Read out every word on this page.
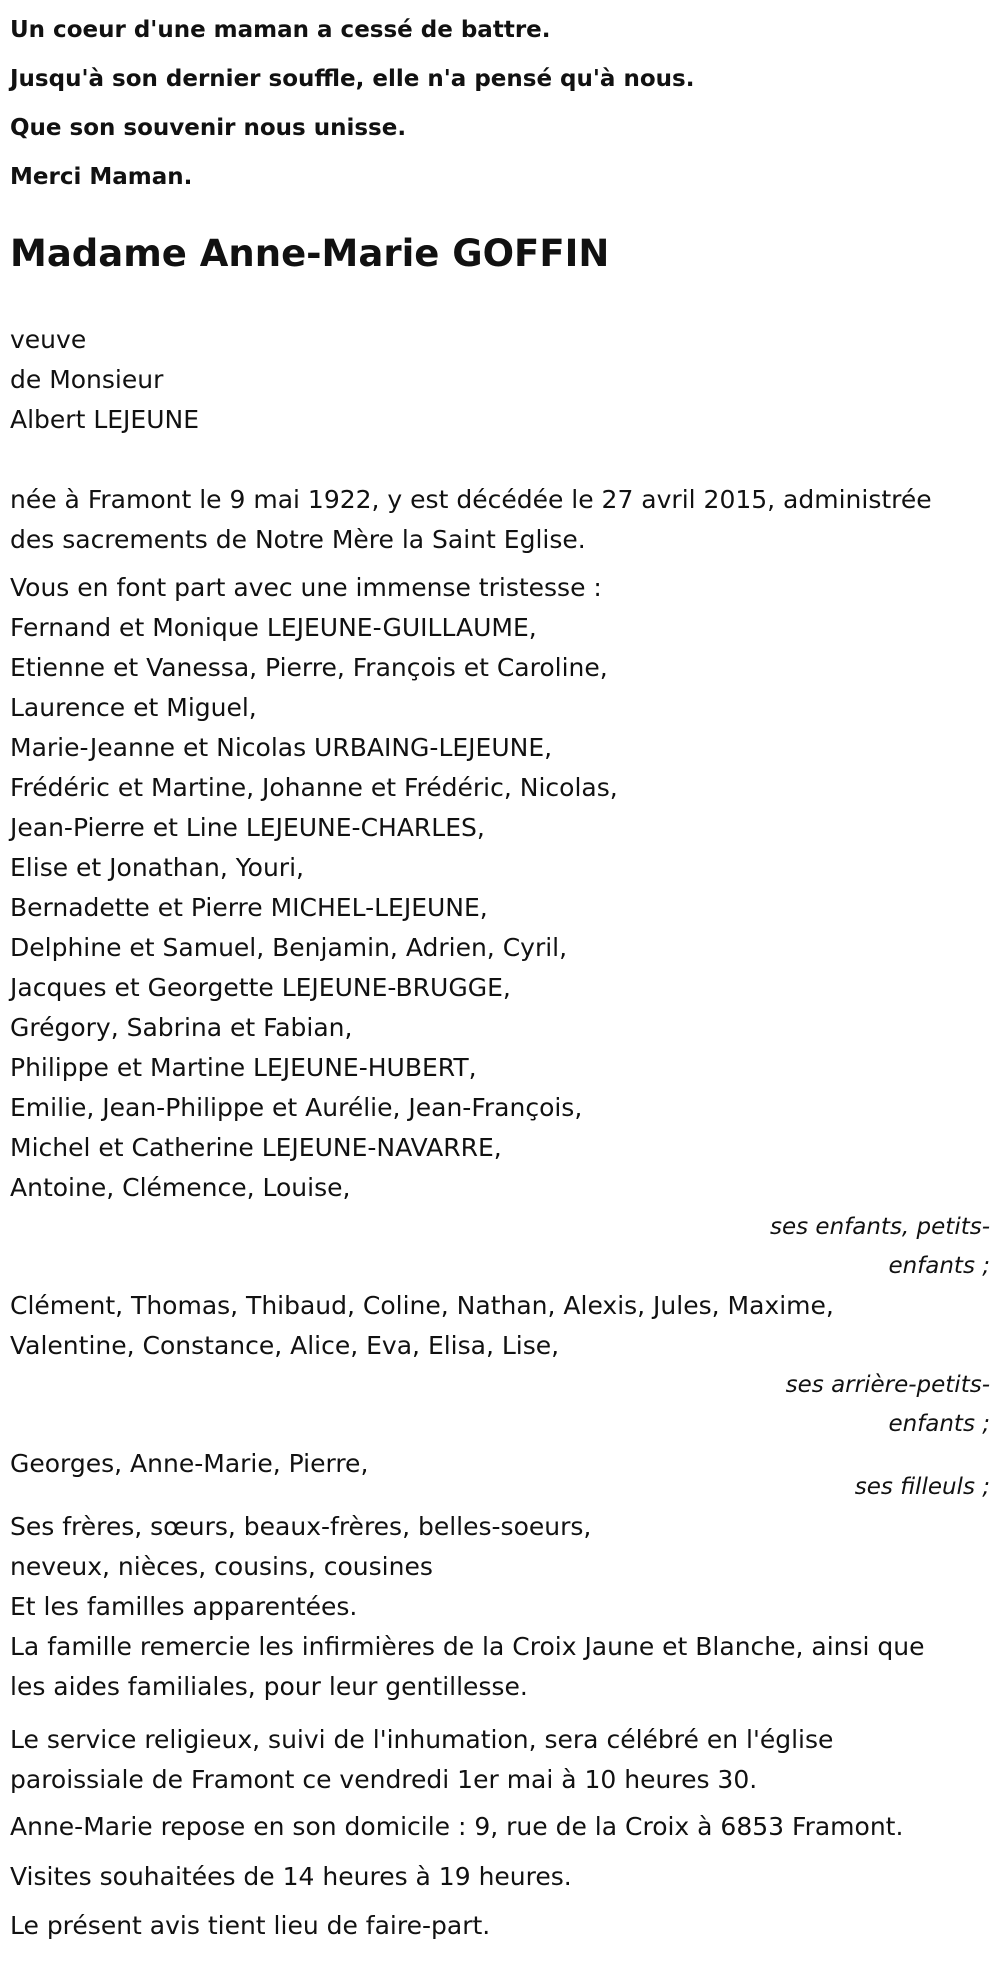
Un coeur d'une maman a cessé de battre.

Jusqu'à son dernier souffle, elle n'a pensé qu'à nous.

Que son souvenir nous unisse.

Merci Maman.

Madame Anne-Marie GOFFIN
veuve
de Monsieur
Albert LEJEUNE
née à Framont le 9 mai 1922, y est décédée le 27 avril 2015, administrée
des sacrements de Notre Mère la Saint Eglise.
Vous en font part avec une immense tristesse :
Fernand et Monique LEJEUNE-GUILLAUME,
Etienne et Vanessa, Pierre, François et Caroline,
Laurence et Miguel,
Marie-Jeanne et Nicolas URBAING-LEJEUNE,
Frédéric et Martine, Johanne et Frédéric, Nicolas,
Jean-Pierre et Line LEJEUNE-CHARLES,
Elise et Jonathan, Youri,
Bernadette et Pierre MICHEL-LEJEUNE,
Delphine et Samuel, Benjamin, Adrien, Cyril,
Jacques et Georgette LEJEUNE-BRUGGE,
Grégory, Sabrina et Fabian,
Philippe et Martine LEJEUNE-HUBERT,
Emilie, Jean-Philippe et Aurélie, Jean-François,
Michel et Catherine LEJEUNE-NAVARRE,
Antoine, Clémence, Louise,
ses enfants, petits-enfants ;
Clément, Thomas, Thibaud, Coline, Nathan, Alexis, Jules, Maxime,
Valentine, Constance, Alice, Eva, Elisa, Lise,
ses arrière-petits-enfants ;
Georges, Anne-Marie, Pierre,
ses filleuls ;
Ses frères, sœurs, beaux-frères, belles-soeurs,
neveux, nièces, cousins, cousines
Et les familles apparentées.
La famille remercie les infirmières de la Croix Jaune et Blanche, ainsi que
les aides familiales, pour leur gentillesse.
Le service religieux, suivi de l'inhumation, sera célébré en l'église
paroissiale de Framont ce vendredi 1er mai à 10 heures 30.
Anne-Marie repose en son domicile : 9, rue de la Croix à 6853 Framont.
Visites souhaitées de 14 heures à 19 heures.
Le présent avis tient lieu de faire-part.
